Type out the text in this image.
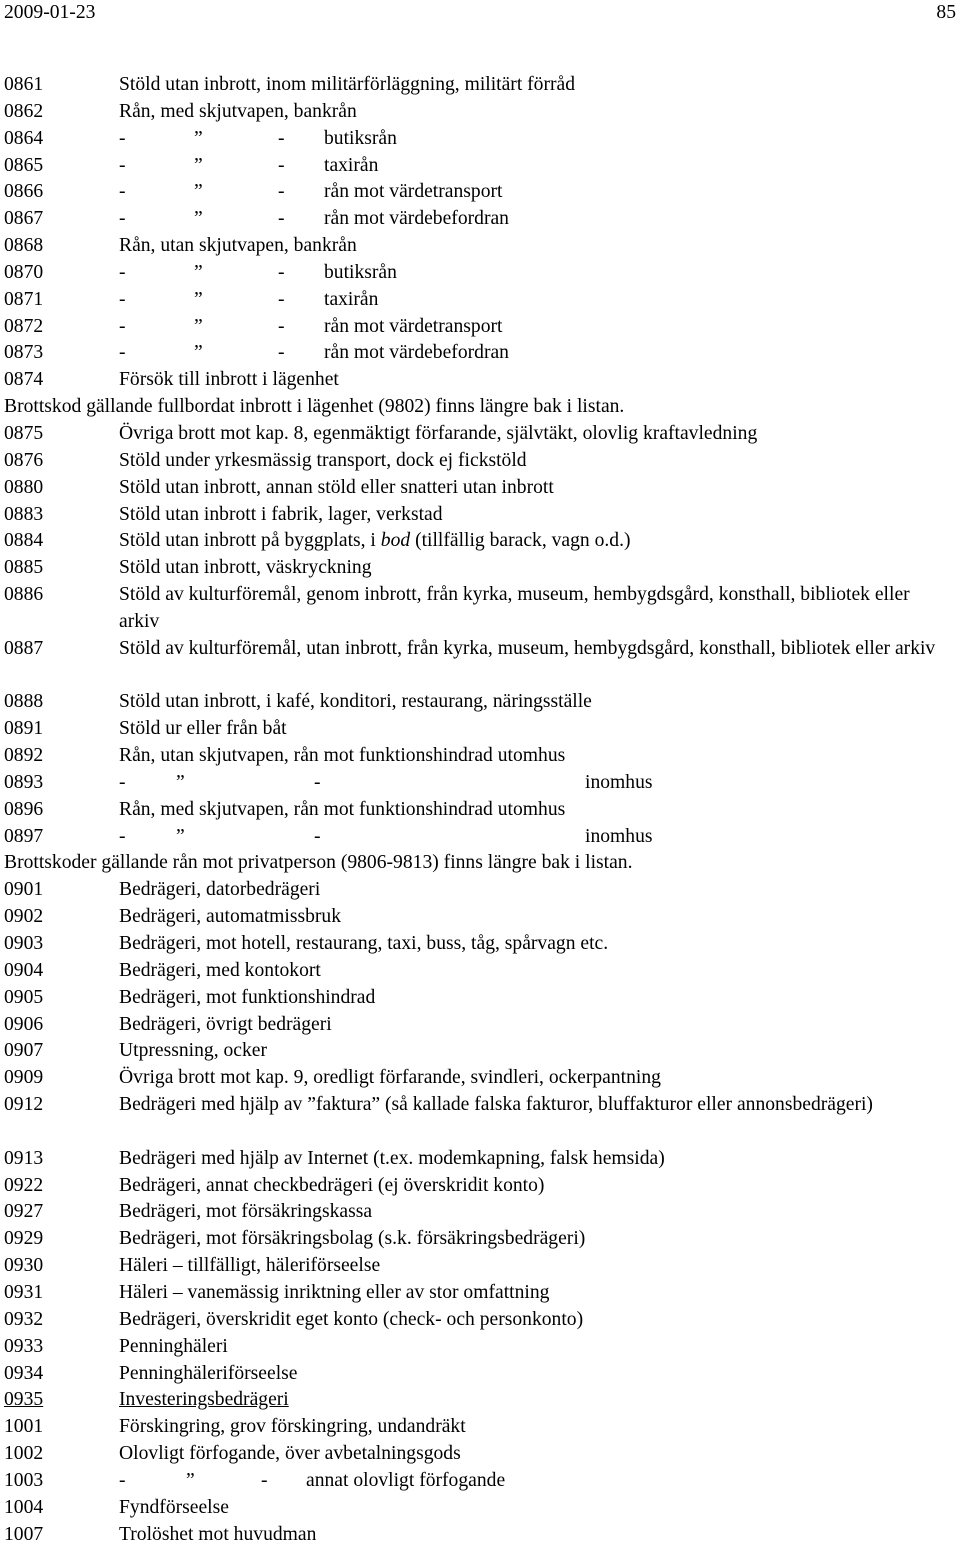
2009-01-23	85
0861	Stöld utan inbrott, inom militärförläggning, militärt förråd
0862	Rån, med skjutvapen, bankrån
0864	-	”	- butiksrån
0865	-	”	- taxirån
0866	-	”	- rån mot värdetransport
0867	-	”	- rån mot värdebefordran
0868	Rån, utan skjutvapen, bankrån
0870	-	”	- butiksrån
0871	-	”	- taxirån
0872	-	”	- rån mot värdetransport
0873	-	”	- rån mot värdebefordran
0874	Försök till inbrott i lägenhet
Brottskod gällande fullbordat inbrott i lägenhet (9802) finns längre bak i listan.
0875	Övriga brott mot kap. 8, egenmäktigt förfarande, självtäkt, olovlig kraftavledning
0876	Stöld under yrkesmässig transport, dock ej fickstöld
0880	Stöld utan inbrott, annan stöld eller snatteri utan inbrott
0883	Stöld utan inbrott i fabrik, lager, verkstad
0884	Stöld utan inbrott på byggplats, i bod (tillfällig barack, vagn o.d.)
0885	Stöld utan inbrott, väskryckning
0886	Stöld av kulturföremål, genom inbrott, från kyrka, museum, hembygdsgård, konsthall, bibliotek eller arkiv
0887	Stöld av kulturföremål, utan inbrott, från kyrka, museum, hembygdsgård, konsthall, bibliotek eller arkiv
0888	Stöld utan inbrott, i kafé, konditori, restaurang, näringsställe
0891	Stöld ur eller från båt
0892	Rån, utan skjutvapen, rån mot funktionshindrad utomhus
0893	-	”	-	inomhus
0896	Rån, med skjutvapen, rån mot funktionshindrad utomhus
0897	-	”	-	inomhus
Brottskoder gällande rån mot privatperson (9806-9813) finns längre bak i listan.
0901	Bedrägeri, datorbedrägeri
0902	Bedrägeri, automatmissbruk
0903	Bedrägeri, mot hotell, restaurang, taxi, buss, tåg, spårvagn etc.
0904	Bedrägeri, med kontokort
0905	Bedrägeri, mot funktionshindrad
0906	Bedrägeri, övrigt bedrägeri
0907	Utpressning, ocker
0909	Övriga brott mot kap. 9, oredligt förfarande, svindleri, ockerpantning
0912	Bedrägeri med hjälp av ”faktura” (så kallade falska fakturor, bluffakturor eller annonsbedrägeri)
0913	Bedrägeri med hjälp av Internet (t.ex. modemkapning, falsk hemsida)
0922	Bedrägeri, annat checkbedrägeri (ej överskridit konto)
0927	Bedrägeri, mot försäkringskassa
0929	Bedrägeri, mot försäkringsbolag (s.k. försäkringsbedrägeri)
0930	Häleri – tillfälligt, häleriförseelse
0931	Häleri – vanemässig inriktning eller av stor omfattning
0932	Bedrägeri, överskridit eget konto (check- och personkonto)
0933	Penninghäleri
0934	Penninghäleriförseelse
0935	Investeringsbedrägeri
1001	Förskingring, grov förskingring, undandräkt
1002	Olovligt förfogande, över avbetalningsgods
1003	-	”	- annat olovligt förfogande
1004	Fyndförseelse
1007	Trolöshet mot huvudman
